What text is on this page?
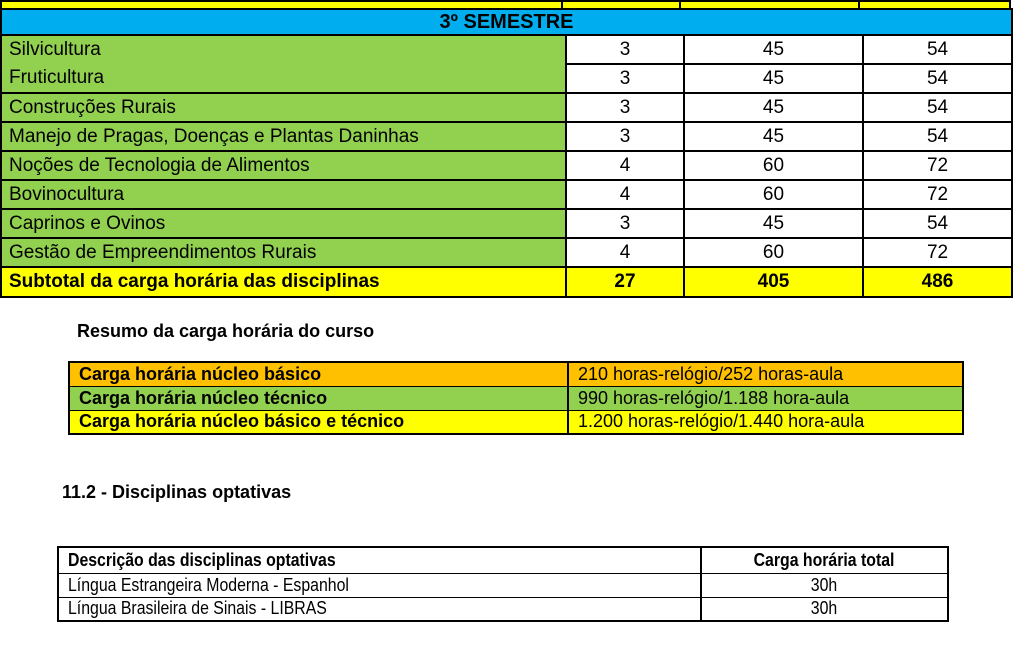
3º SEMESTRE			
Silvicultura	3	45	54
Fruticultura	3	45	54
Construções Rurais	3	45	54
Manejo de Pragas, Doenças e Plantas Daninhas	3	45	54
Noções de Tecnologia de Alimentos	4	60	72
Bovinocultura	4	60	72
Caprinos e Ovinos	3	45	54
Gestão de Empreendimentos Rurais	4	60	72
Subtotal da carga horária das disciplinas	27	405	486
Resumo da carga horária do curso
Carga horária núcleo básico	210 horas-relógio/252 horas-aula
Carga horária núcleo técnico	990 horas-relógio/1.188 hora-aula
Carga horária núcleo básico e técnico	1.200 horas-relógio/1.440 hora-aula
11.2 - Disciplinas optativas
Descrição das disciplinas optativas	Carga horária total
Língua Estrangeira Moderna - Espanhol	30h
Língua Brasileira de Sinais - LIBRAS	30h
